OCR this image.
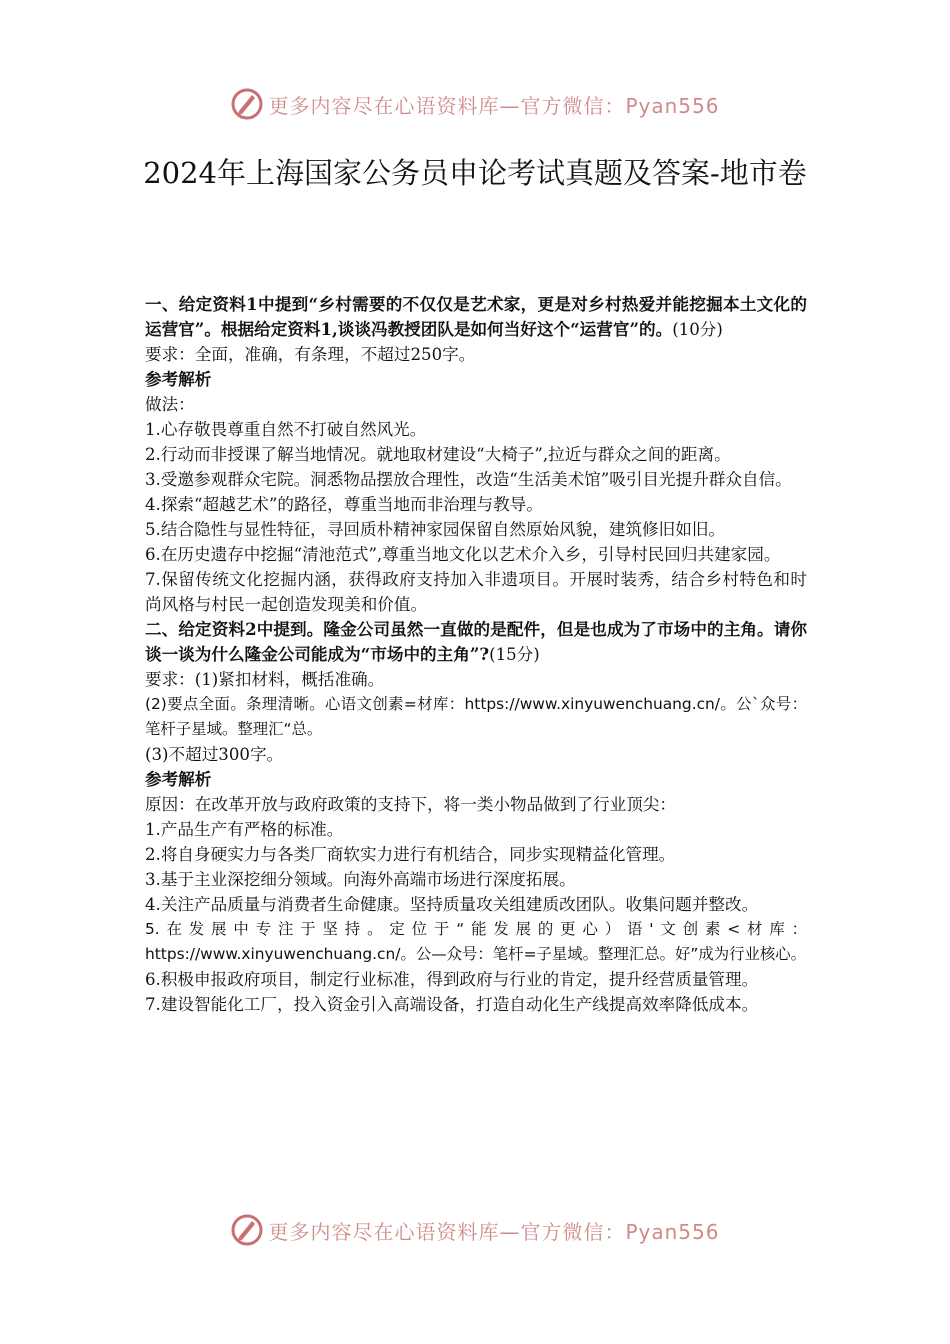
更多内容尽在心语资料库—官方微信：Pyan556
2024年上海国家公务员申论考试真题及答案-地市卷

一、给定资料1中提到“乡村需要的不仅仅是艺术家，更是对乡村热爱并能挖掘本土文化的运营官”。根据给定资料1,谈谈冯教授团队是如何当好这个“运营官”的。(10分)

要求：全面，准确，有条理，不超过250字。

参考解析

做法：

1.心存敬畏尊重自然不打破自然风光。

2.行动而非授课了解当地情况。就地取材建设“大椅子”,拉近与群众之间的距离。

3.受邀参观群众宅院。洞悉物品摆放合理性，改造“生活美术馆”吸引目光提升群众自信。

4.探索“超越艺术”的路径，尊重当地而非治理与教导。

5.结合隐性与显性特征，寻回质朴精神家园保留自然原始风貌，建筑修旧如旧。

6.在历史遗存中挖掘“清池范式”,尊重当地文化以艺术介入乡，引导村民回归共建家园。

7.保留传统文化挖掘内涵，获得政府支持加入非遗项目。开展时装秀，结合乡村特色和时尚风格与村民一起创造发现美和价值。

二、给定资料2中提到。隆金公司虽然一直做的是配件，但是也成为了市场中的主角。请你谈一谈为什么隆金公司能成为“市场中的主角”?(15分)

要求：(1)紧扣材料，概括准确。

(2)要点全面。条理清晰。心语文创素=材库：https://www.xinyuwenchuang.cn/。公`众号：笔杆子星域。整理汇“总。

(3)不超过300字。

参考解析

原因：在改革开放与政府政策的支持下，将一类小物品做到了行业顶尖：

1.产品生产有严格的标准。

2.将自身硬实力与各类厂商软实力进行有机结合，同步实现精益化管理。

3.基于主业深挖细分领域。向海外高端市场进行深度拓展。

4.关注产品质量与消费者生命健康。坚持质量攻关组建质改团队。收集问题并整改。

5.在发展中专注于坚持。定位于“能发展的更心）语'文创素<材库：https://www.xinyuwenchuang.cn/。公—众号：笔杆=子星域。整理汇总。好”成为行业核心。

6.积极申报政府项目，制定行业标准，得到政府与行业的肯定，提升经营质量管理。

7.建设智能化工厂，投入资金引入高端设备，打造自动化生产线提高效率降低成本。

更多内容尽在心语资料库—官方微信：Pyan556
